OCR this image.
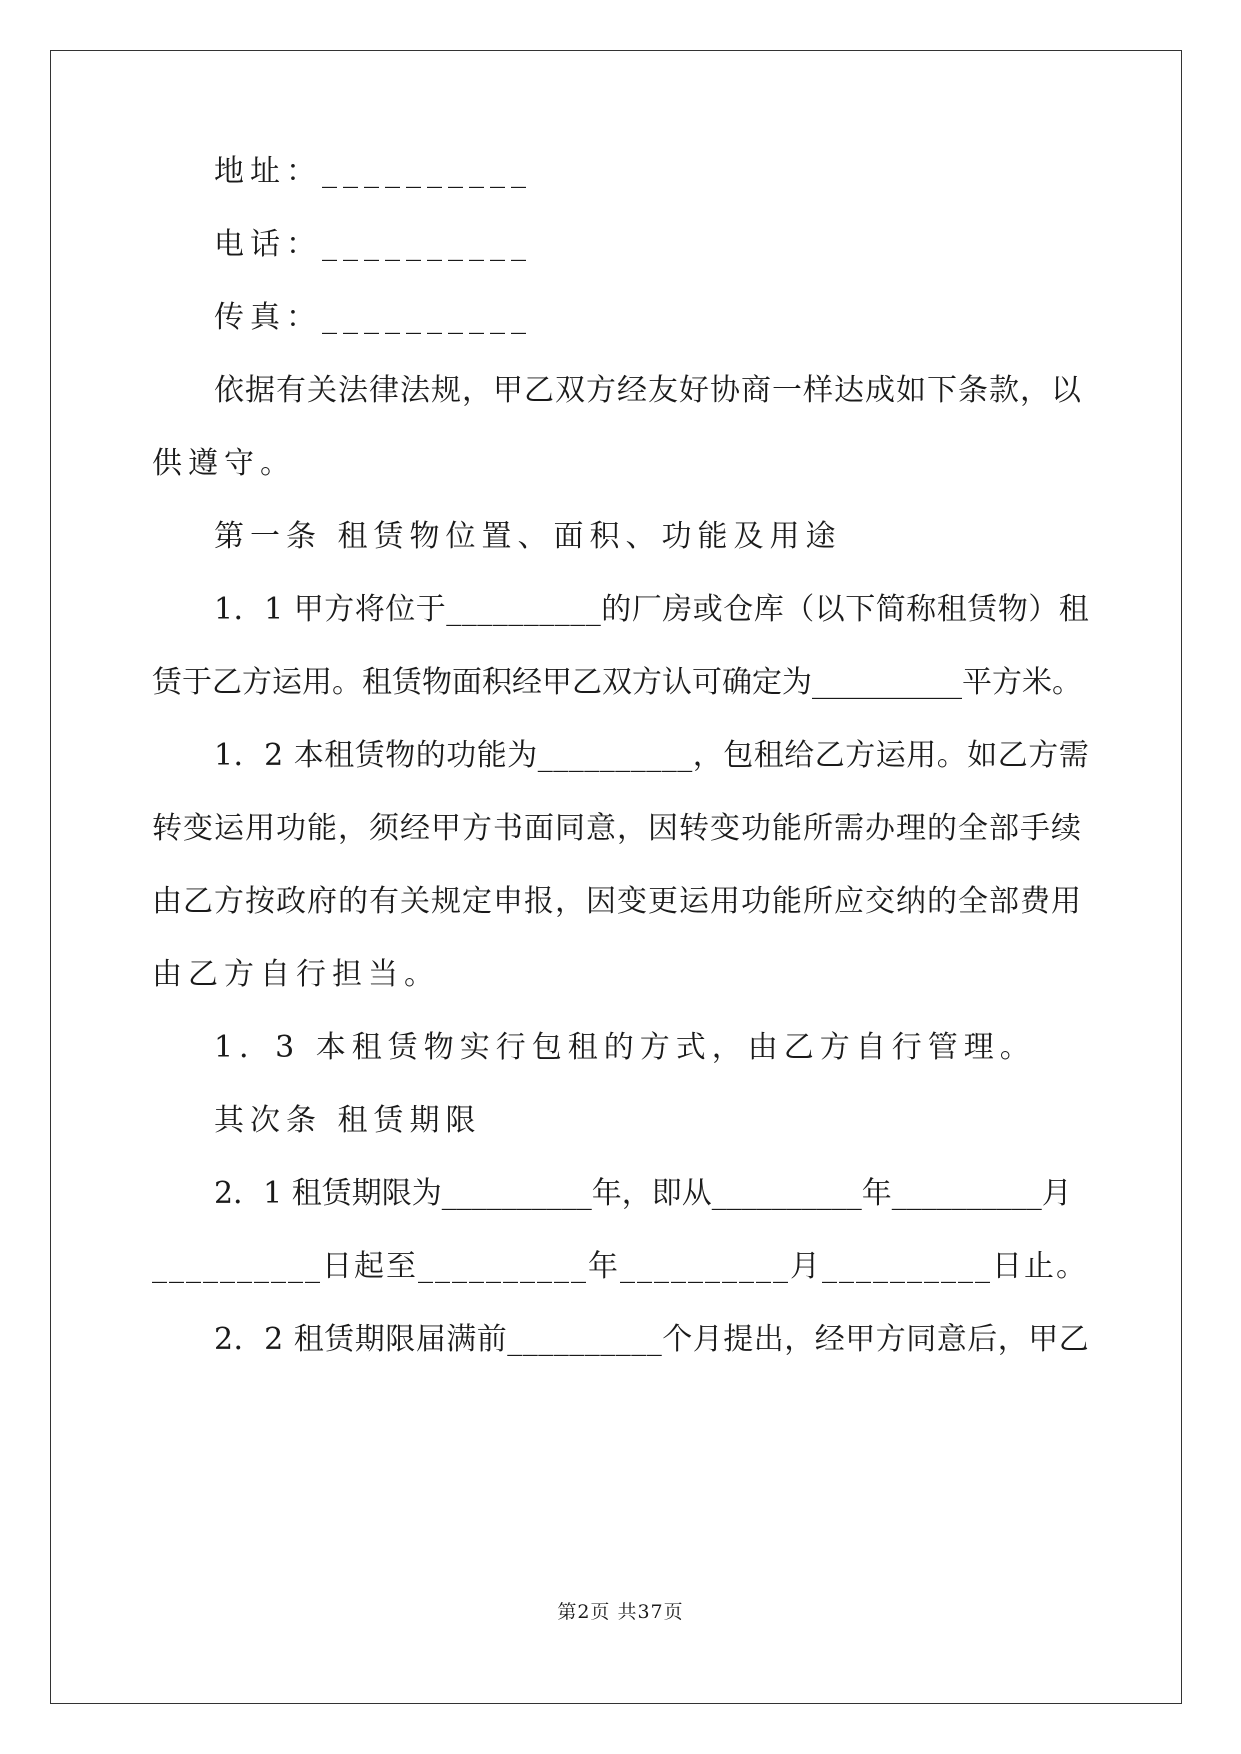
地址：__________
电话：__________
传真：__________
依据有关法律法规，甲乙双方经友好协商一样达成如下条款，以
供遵守。
第一条 租赁物位置、面积、功能及用途
1．1 甲方将位于__________的厂房或仓库（以下简称租赁物）租
赁于乙方运用。租赁物面积经甲乙双方认可确定为__________平方米。
1．2 本租赁物的功能为__________，包租给乙方运用。如乙方需
转变运用功能，须经甲方书面同意，因转变功能所需办理的全部手续
由乙方按政府的有关规定申报，因变更运用功能所应交纳的全部费用
由乙方自行担当。
1．3 本租赁物实行包租的方式，由乙方自行管理。
其次条 租赁期限
2．1 租赁期限为__________年，即从__________年__________月
__________日起至__________年__________月__________日止。
2．2 租赁期限届满前__________个月提出，经甲方同意后，甲乙
第2页 共37页
